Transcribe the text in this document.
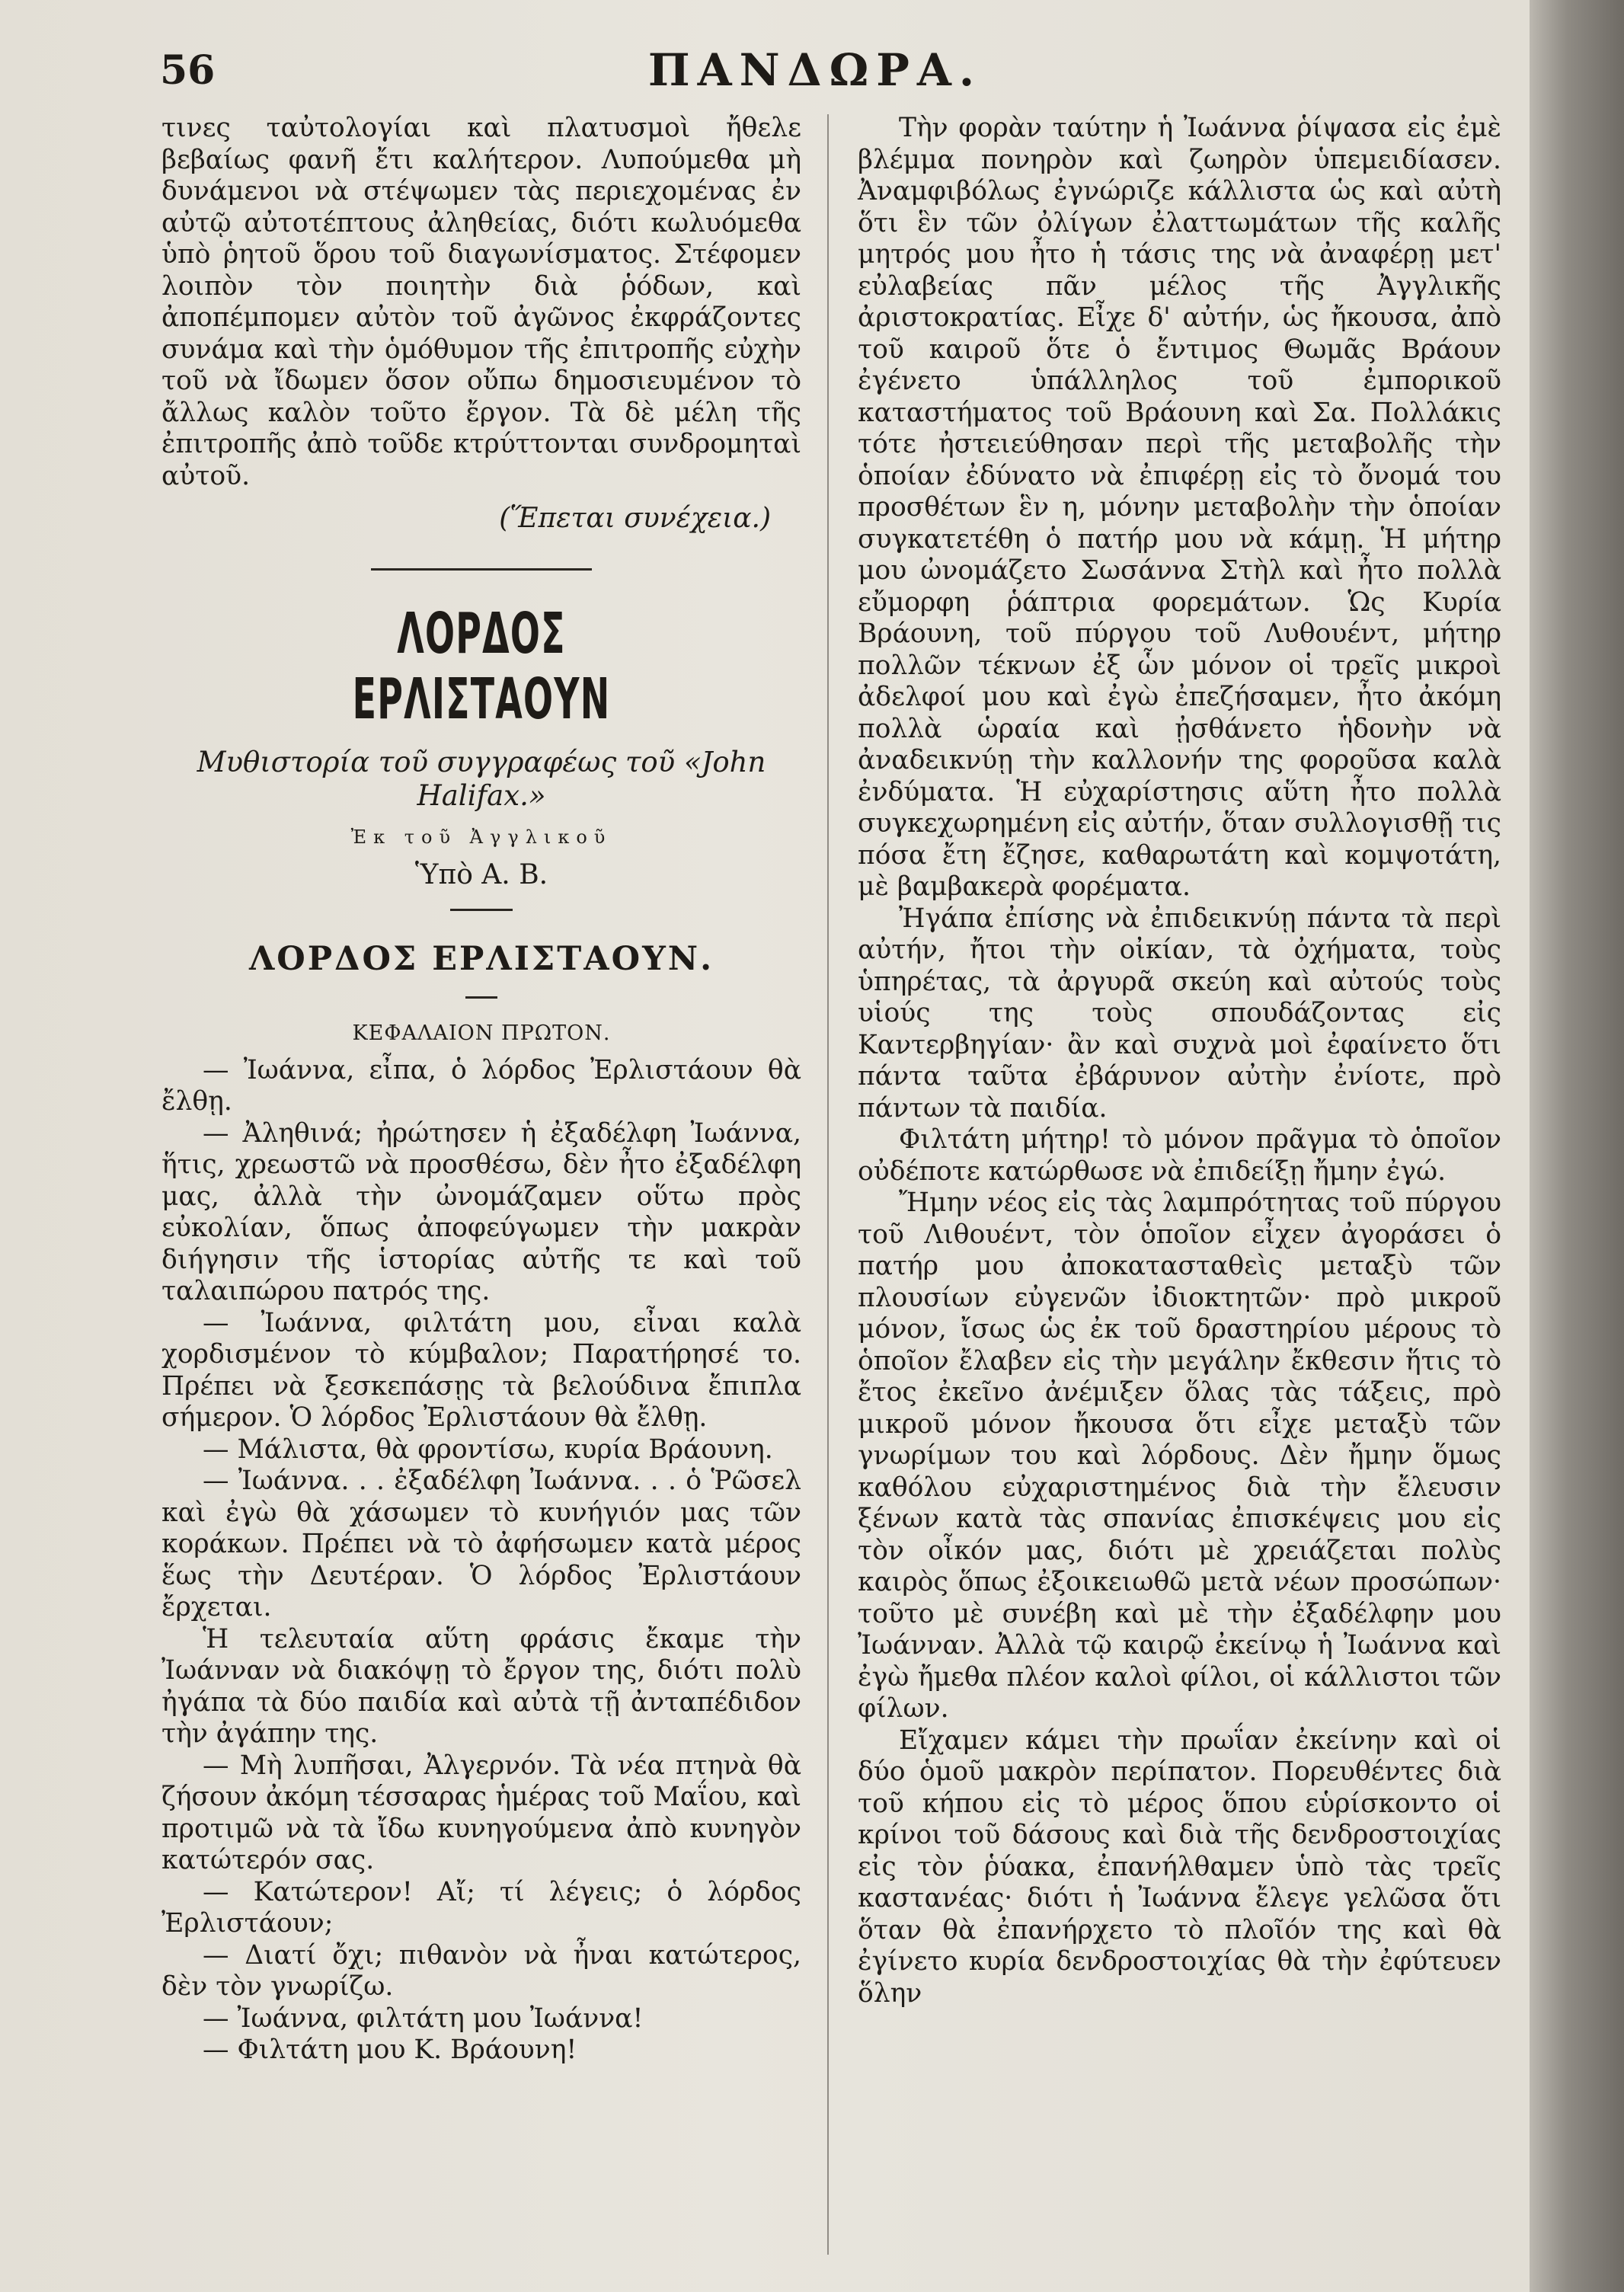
56	ΠΑΝΔΩΡΑ.

τινες ταὐτολογίαι καὶ πλατυσμοὶ ἤθελε βεβαίως φανῆ ἔτι καλήτερον. Λυπούμεθα μὴ δυνάμενοι νὰ στέψωμεν τὰς περιεχομένας ἐν αὐτῷ αὐτοτέπτους ἀληθείας, διότι κωλυόμεθα ὑπὸ ῥητοῦ ὅρου τοῦ διαγωνίσματος. Στέφομεν λοιπὸν τὸν ποιητὴν διὰ ῥόδων, καὶ ἀποπέμπομεν αὐτὸν τοῦ ἀγῶνος ἐκφράζοντες συνάμα καὶ τὴν ὁμόθυμον τῆς ἐπιτροπῆς εὐχὴν τοῦ νὰ ἴδωμεν ὅσον οὔπω δημοσιευμένον τὸ ἄλλως καλὸν τοῦτο ἔργον. Τὰ δὲ μέλη τῆς ἐπιτροπῆς ἀπὸ τοῦδε κτρύττονται συνδρομηταὶ αὐτοῦ.

(Ἕπεται συνέχεια.)

ΛΟΡΔΟΣ ΕΡΛΙΣΤΑΟΥΝ
Μυθιστορία τοῦ συγγραφέως τοῦ «John Halifax.»
Ἐκ τοῦ Ἀγγλικοῦ
Ὑπὸ Α. Β.
ΛΟΡΔΟΣ ΕΡΛΙΣΤΑΟΥΝ.
ΚΕΦΑΛΑΙΟΝ ΠΡΩΤΟΝ.

— Ἰωάννα, εἶπα, ὁ λόρδος Ἐρλιστάουν θὰ ἔλθῃ.

— Ἀληθινά; ἠρώτησεν ἡ ἐξαδέλφη Ἰωάννα, ἥτις, χρεωστῶ νὰ προσθέσω, δὲν ἦτο ἐξαδέλφη μας, ἀλλὰ τὴν ὠνομάζαμεν οὕτω πρὸς εὐκολίαν, ὅπως ἀποφεύγωμεν τὴν μακρὰν διήγησιν τῆς ἱστορίας αὐτῆς τε καὶ τοῦ ταλαιπώρου πατρός της.

— Ἰωάννα, φιλτάτη μου, εἶναι καλὰ χορδισμένον τὸ κύμβαλον; Παρατήρησέ το. Πρέπει νὰ ξεσκεπάσῃς τὰ βελούδινα ἔπιπλα σήμερον. Ὁ λόρδος Ἐρλιστάουν θὰ ἔλθῃ.

— Μάλιστα, θὰ φροντίσω, κυρία Βράουνη.

— Ἰωάννα. . . ἐξαδέλφη Ἰωάννα. . . ὁ Ῥῶσελ καὶ ἐγὼ θὰ χάσωμεν τὸ κυνήγιόν μας τῶν κοράκων. Πρέπει νὰ τὸ ἀφήσωμεν κατὰ μέρος ἕως τὴν Δευτέραν. Ὁ λόρδος Ἐρλιστάουν ἔρχεται.

Ἡ τελευταία αὕτη φράσις ἔκαμε τὴν Ἰωάνναν νὰ διακόψῃ τὸ ἔργον της, διότι πολὺ ἠγάπα τὰ δύο παιδία καὶ αὐτὰ τῇ ἀνταπέδιδον τὴν ἀγάπην της.

— Μὴ λυπῆσαι, Ἀλγερνόν. Τὰ νέα πτηνὰ θὰ ζήσουν ἀκόμη τέσσαρας ἡμέρας τοῦ Μαΐου, καὶ προτιμῶ νὰ τὰ ἴδω κυνηγούμενα ἀπὸ κυνηγὸν κατώτερόν σας.

— Κατώτερον! Αἴ; τί λέγεις; ὁ λόρδος Ἐρλιστάουν;

— Διατί ὄχι; πιθανὸν νὰ ἦναι κατώτερος, δὲν τὸν γνωρίζω.

— Ἰωάννα, φιλτάτη μου Ἰωάννα!

— Φιλτάτη μου Κ. Βράουνη!

Τὴν φορὰν ταύτην ἡ Ἰωάννα ῥίψασα εἰς ἐμὲ βλέμμα πονηρὸν καὶ ζωηρὸν ὑπεμειδίασεν. Ἀναμφιβόλως ἐγνώριζε κάλλιστα ὡς καὶ αὐτὴ ὅτι ἓν τῶν ὀλίγων ἐλαττωμάτων τῆς καλῆς μητρός μου ἦτο ἡ τάσις της νὰ ἀναφέρῃ μετ' εὐλαβείας πᾶν μέλος τῆς Ἀγγλικῆς ἀριστοκρατίας. Εἶχε δ' αὐτήν, ὡς ἤκουσα, ἀπὸ τοῦ καιροῦ ὅτε ὁ ἔντιμος Θωμᾶς Βράουν ἐγένετο ὑπάλληλος τοῦ ἐμπορικοῦ καταστήματος τοῦ Βράουνη καὶ Σα. Πολλάκις τότε ἠστειεύθησαν περὶ τῆς μεταβολῆς τὴν ὁποίαν ἐδύνατο νὰ ἐπιφέρῃ εἰς τὸ ὄνομά του προσθέτων ἓν η, μόνην μεταβολὴν τὴν ὁποίαν συγκατετέθη ὁ πατήρ μου νὰ κάμῃ. Ἡ μήτηρ μου ὠνομάζετο Σωσάννα Στὴλ καὶ ἦτο πολλὰ εὔμορφη ῥάπτρια φορεμάτων. Ὡς Κυρία Βράουνη, τοῦ πύργου τοῦ Λυθουέντ, μήτηρ πολλῶν τέκνων ἐξ ὧν μόνον οἱ τρεῖς μικροὶ ἀδελφοί μου καὶ ἐγὼ ἐπεζήσαμεν, ἦτο ἀκόμη πολλὰ ὡραία καὶ ᾐσθάνετο ἡδονὴν νὰ ἀναδεικνύῃ τὴν καλλονήν της φοροῦσα καλὰ ἐνδύματα. Ἡ εὐχαρίστησις αὕτη ἦτο πολλὰ συγκεχωρημένη εἰς αὐτήν, ὅταν συλλογισθῇ τις πόσα ἔτη ἔζησε, καθαρωτάτη καὶ κομψοτάτη, μὲ βαμβακερὰ φορέματα.

Ἠγάπα ἐπίσης νὰ ἐπιδεικνύῃ πάντα τὰ περὶ αὐτήν, ἤτοι τὴν οἰκίαν, τὰ ὀχήματα, τοὺς ὑπηρέτας, τὰ ἀργυρᾶ σκεύη καὶ αὐτούς τοὺς υἱούς της τοὺς σπουδάζοντας εἰς Καντερβηγίαν· ἂν καὶ συχνὰ μοὶ ἐφαίνετο ὅτι πάντα ταῦτα ἐβάρυνον αὐτὴν ἐνίοτε, πρὸ πάντων τὰ παιδία.

Φιλτάτη μήτηρ! τὸ μόνον πρᾶγμα τὸ ὁποῖον οὐδέποτε κατώρθωσε νὰ ἐπιδείξῃ ἤμην ἐγώ.

Ἤμην νέος εἰς τὰς λαμπρότητας τοῦ πύργου τοῦ Λιθουέντ, τὸν ὁποῖον εἶχεν ἀγοράσει ὁ πατήρ μου ἀποκατασταθεὶς μεταξὺ τῶν πλουσίων εὐγενῶν ἰδιοκτητῶν· πρὸ μικροῦ μόνον, ἴσως ὡς ἐκ τοῦ δραστηρίου μέρους τὸ ὁποῖον ἔλαβεν εἰς τὴν μεγάλην ἔκθεσιν ἥτις τὸ ἔτος ἐκεῖνο ἀνέμιξεν ὅλας τὰς τάξεις, πρὸ μικροῦ μόνον ἤκουσα ὅτι εἶχε μεταξὺ τῶν γνωρίμων του καὶ λόρδους. Δὲν ἤμην ὅμως καθόλου εὐχαριστημένος διὰ τὴν ἔλευσιν ξένων κατὰ τὰς σπανίας ἐπισκέψεις μου εἰς τὸν οἶκόν μας, διότι μὲ χρειάζεται πολὺς καιρὸς ὅπως ἐξοικειωθῶ μετὰ νέων προσώπων· τοῦτο μὲ συνέβη καὶ μὲ τὴν ἐξαδέλφην μου Ἰωάνναν. Ἀλλὰ τῷ καιρῷ ἐκείνῳ ἡ Ἰωάννα καὶ ἐγὼ ἤμεθα πλέον καλοὶ φίλοι, οἱ κάλλιστοι τῶν φίλων.

Εἴχαμεν κάμει τὴν πρωΐαν ἐκείνην καὶ οἱ δύο ὁμοῦ μακρὸν περίπατον. Πορευθέντες διὰ τοῦ κήπου εἰς τὸ μέρος ὅπου εὑρίσκοντο οἱ κρίνοι τοῦ δάσους καὶ διὰ τῆς δενδροστοιχίας εἰς τὸν ῥύακα, ἐπανήλθαμεν ὑπὸ τὰς τρεῖς καστανέας· διότι ἡ Ἰωάννα ἔλεγε γελῶσα ὅτι ὅταν θὰ ἐπανήρχετο τὸ πλοῖόν της καὶ θὰ ἐγίνετο κυρία δενδροστοιχίας θὰ τὴν ἐφύτευεν ὅλην
